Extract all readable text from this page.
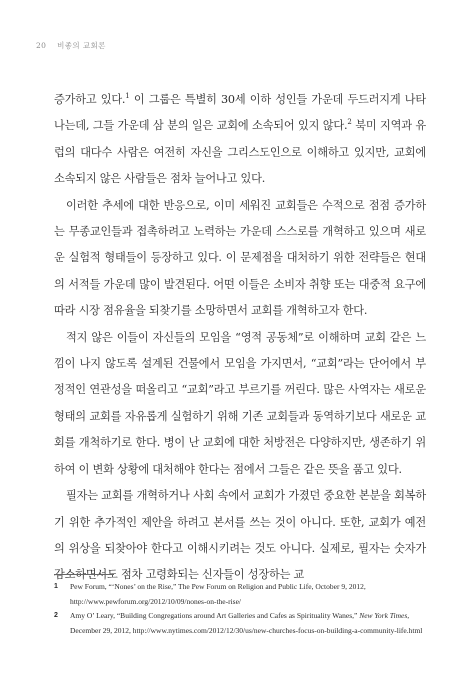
20 비좋의 교회론

증가하고 있다.$^1$ 이 그룹은 특별히 30세 이하 성인들 가운데 두드러지게 나타나는데, 그들 가운데 삼 분의 일은 교회에 소속되어 있지 않다.$^2$ 북미 지역과 유럽의 대다수 사람은 여전히 자신을 그리스도인으로 이해하고 있지만, 교회에 소속되지 않은 사람들은 점차 늘어나고 있다.

이러한 추세에 대한 반응으로, 이미 세워진 교회들은 수적으로 점점 증가하는 무종교인들과 접촉하려고 노력하는 가운데 스스로를 개혁하고 있으며 새로운 실험적 형태들이 등장하고 있다. 이 문제점을 대처하기 위한 전략들은 현대의 서적들 가운데 많이 발견된다. 어떤 이들은 소비자 취향 또는 대중적 요구에 따라 시장 점유율을 되찾기를 소망하면서 교회를 개혁하고자 한다.

적지 않은 이들이 자신들의 모임을 “영적 공동체”로 이해하며 교회 같은 느낌이 나지 않도록 설계된 건물에서 모임을 가지면서, “교회”라는 단어에서 부정적인 연관성을 떠올리고 “교회”라고 부르기를 꺼린다. 많은 사역자는 새로운 형태의 교회를 자유롭게 실험하기 위해 기존 교회들과 동역하기보다 새로운 교회를 개척하기로 한다. 병이 난 교회에 대한 처방전은 다양하지만, 생존하기 위하여 이 변화 상황에 대처해야 한다는 점에서 그들은 같은 뜻을 품고 있다.

필자는 교회를 개혁하거나 사회 속에서 교회가 가졌던 중요한 본분을 회복하기 위한 추가적인 제안을 하려고 본서를 쓰는 것이 아니다. 또한, 교회가 예전의 위상을 되찾아야 한다고 이해시키려는 것도 아니다. 실제로, 필자는 숫자가 감소하면서도 점차 고령화되는 신자들이 성장하는 교

1 Pew Forum, “‘Nones’ on the Rise,” The Pew Forum on Religion and Public Life, October 9, 2012, http://www.pewforum.org/2012/10/09/nones-on-the-rise/
2 Amy O’ Leary, “Building Congregations around Art Galleries and Cafes as Spirituality Wanes,” New York Times, December 29, 2012, http://www.nytimes.com/2012/12/30/us/new-churches-focus-on-building-a-community-life.html
